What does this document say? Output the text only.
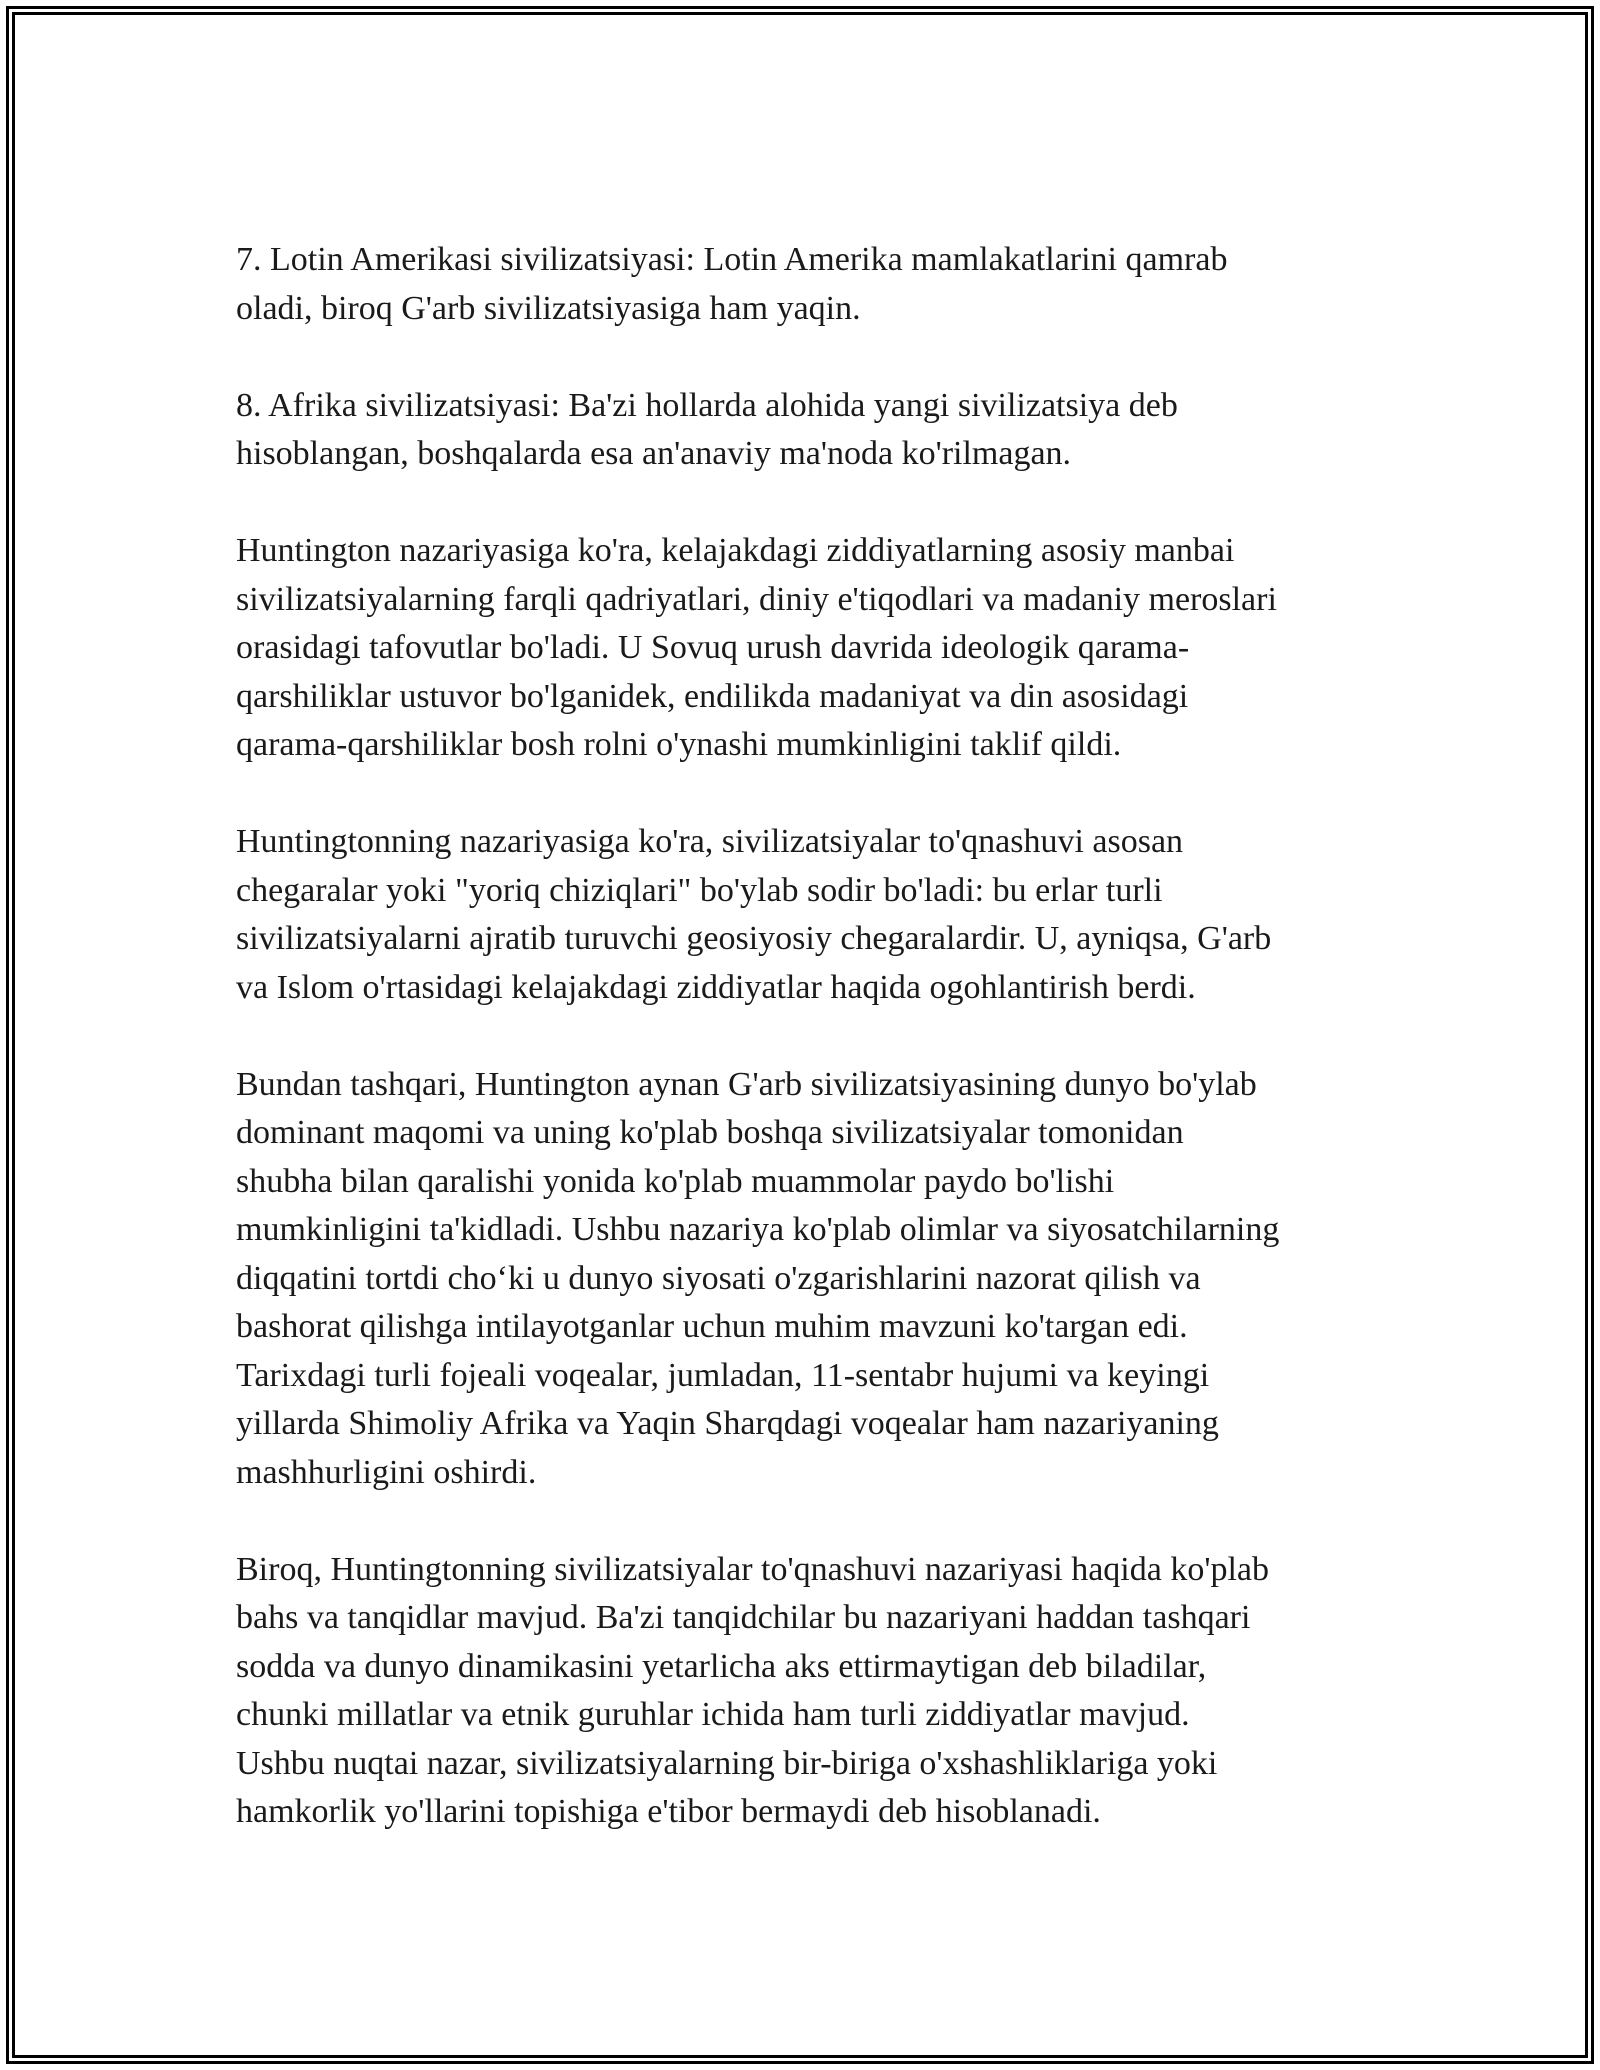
7. Lotin Amerikasi sivilizatsiyasi: Lotin Amerika mamlakatlarini qamrab
oladi, biroq G'arb sivilizatsiyasiga ham yaqin.

8. Afrika sivilizatsiyasi: Ba'zi hollarda alohida yangi sivilizatsiya deb
hisoblangan, boshqalarda esa an'anaviy ma'noda ko'rilmagan.

Huntington nazariyasiga ko'ra, kelajakdagi ziddiyatlarning asosiy manbai
sivilizatsiyalarning farqli qadriyatlari, diniy e'tiqodlari va madaniy meroslari
orasidagi tafovutlar bo'ladi. U Sovuq urush davrida ideologik qarama-
qarshiliklar ustuvor bo'lganidek, endilikda madaniyat va din asosidagi
qarama-qarshiliklar bosh rolni o'ynashi mumkinligini taklif qildi.

Huntingtonning nazariyasiga ko'ra, sivilizatsiyalar to'qnashuvi asosan
chegaralar yoki "yoriq chiziqlari" bo'ylab sodir bo'ladi: bu erlar turli
sivilizatsiyalarni ajratib turuvchi geosiyosiy chegaralardir. U, ayniqsa, G'arb
va Islom o'rtasidagi kelajakdagi ziddiyatlar haqida ogohlantirish berdi.

Bundan tashqari, Huntington aynan G'arb sivilizatsiyasining dunyo bo'ylab
dominant maqomi va uning ko'plab boshqa sivilizatsiyalar tomonidan
shubha bilan qaralishi yonida ko'plab muammolar paydo bo'lishi
mumkinligini ta'kidladi. Ushbu nazariya ko'plab olimlar va siyosatchilarning
diqqatini tortdi cho‘ki u dunyo siyosati o'zgarishlarini nazorat qilish va
bashorat qilishga intilayotganlar uchun muhim mavzuni ko'targan edi.
Tarixdagi turli fojeali voqealar, jumladan, 11-sentabr hujumi va keyingi
yillarda Shimoliy Afrika va Yaqin Sharqdagi voqealar ham nazariyaning
mashhurligini oshirdi.

Biroq, Huntingtonning sivilizatsiyalar to'qnashuvi nazariyasi haqida ko'plab
bahs va tanqidlar mavjud. Ba'zi tanqidchilar bu nazariyani haddan tashqari
sodda va dunyo dinamikasini yetarlicha aks ettirmaytigan deb biladilar,
chunki millatlar va etnik guruhlar ichida ham turli ziddiyatlar mavjud.
Ushbu nuqtai nazar, sivilizatsiyalarning bir-biriga o'xshashliklariga yoki
hamkorlik yo'llarini topishiga e'tibor bermaydi deb hisoblanadi.
